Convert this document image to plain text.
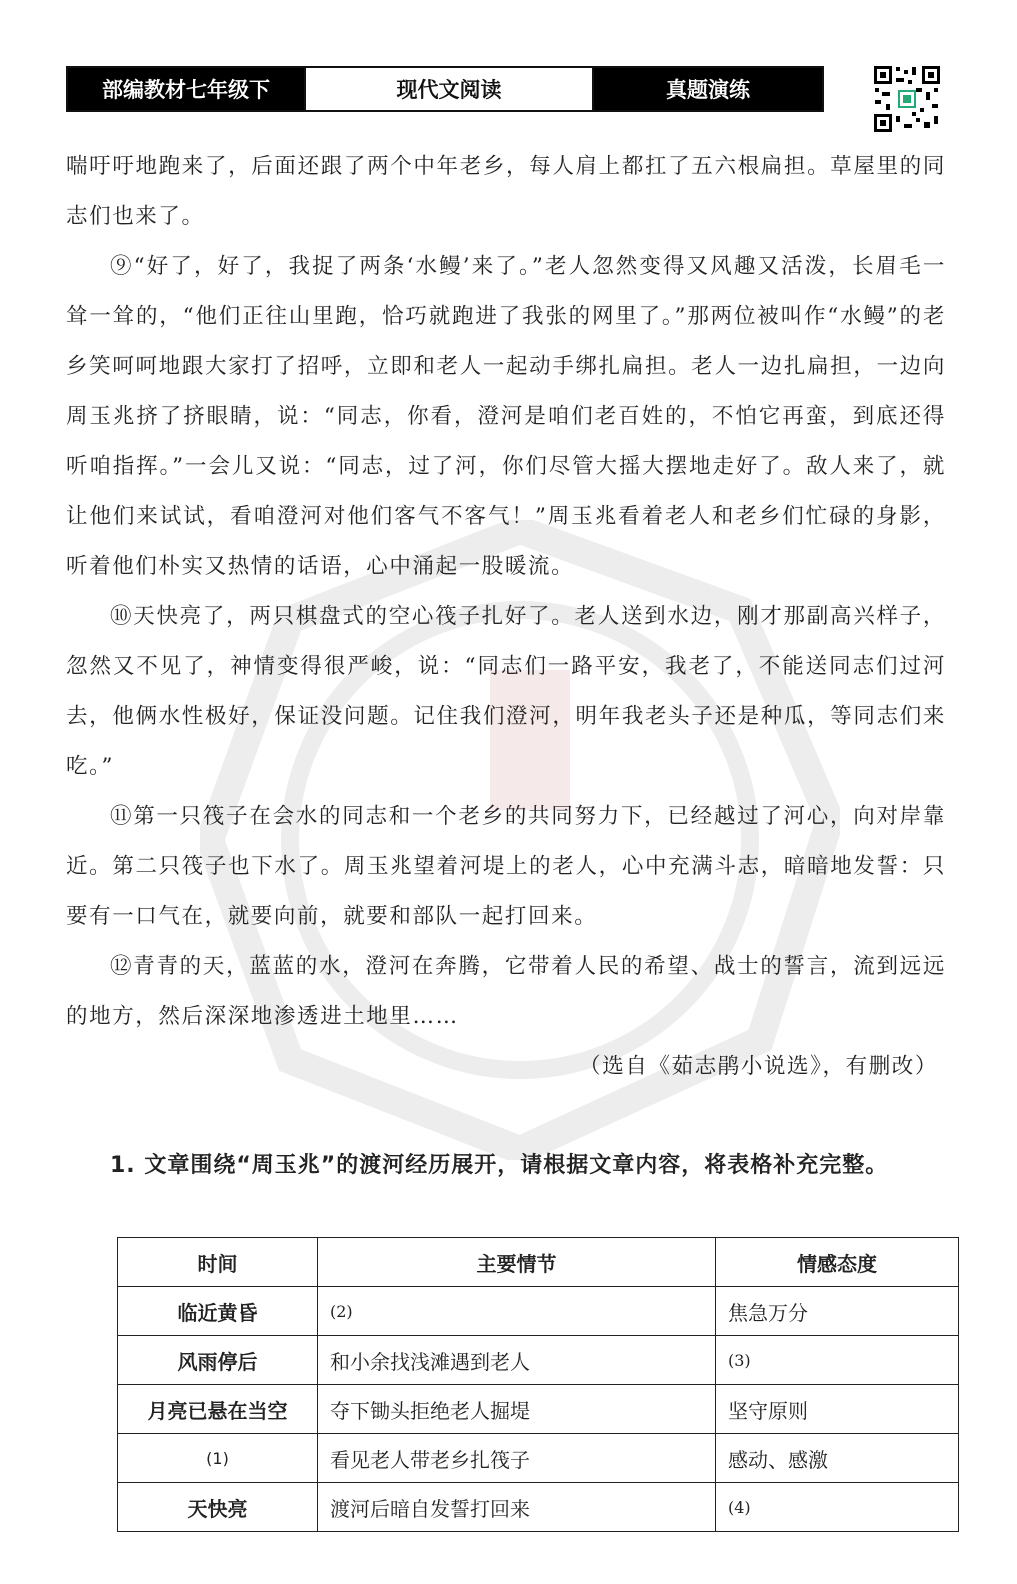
部编教材七年级下	现代文阅读	真题演练

喘吁吁地跑来了，后面还跟了两个中年老乡，每人肩上都扛了五六根扁担。草屋里的同志们也来了。

⑨“好了，好了，我捉了两条‘水鳗’来了。”老人忽然变得又风趣又活泼，长眉毛一耸一耸的，“他们正往山里跑，恰巧就跑进了我张的网里了。”那两位被叫作“水鳗”的老乡笑呵呵地跟大家打了招呼，立即和老人一起动手绑扎扁担。老人一边扎扁担，一边向周玉兆挤了挤眼睛，说：“同志，你看，澄河是咱们老百姓的，不怕它再蛮，到底还得听咱指挥。”一会儿又说：“同志，过了河，你们尽管大摇大摆地走好了。敌人来了，就让他们来试试，看咱澄河对他们客气不客气！”周玉兆看着老人和老乡们忙碌的身影，听着他们朴实又热情的话语，心中涌起一股暖流。

⑩天快亮了，两只棋盘式的空心筏子扎好了。老人送到水边，刚才那副高兴样子，忽然又不见了，神情变得很严峻，说：“同志们一路平安，我老了，不能送同志们过河去，他俩水性极好，保证没问题。记住我们澄河，明年我老头子还是种瓜，等同志们来吃。”

⑪第一只筏子在会水的同志和一个老乡的共同努力下，已经越过了河心，向对岸靠近。第二只筏子也下水了。周玉兆望着河堤上的老人，心中充满斗志，暗暗地发誓：只要有一口气在，就要向前，就要和部队一起打回来。

⑫青青的天，蓝蓝的水，澄河在奔腾，它带着人民的希望、战士的誓言，流到远远的地方，然后深深地渗透进土地里……

（选自《茹志鹃小说选》，有删改）

1. 文章围绕“周玉兆”的渡河经历展开，请根据文章内容，将表格补充完整。
时间	主要情节	情感态度
临近黄昏	(2)	焦急万分
风雨停后	和小余找浅滩遇到老人	(3)
月亮已悬在当空	夺下锄头拒绝老人掘堤	坚守原则
(1)	看见老人带老乡扎筏子	感动、感激
天快亮	渡河后暗自发誓打回来	(4)
